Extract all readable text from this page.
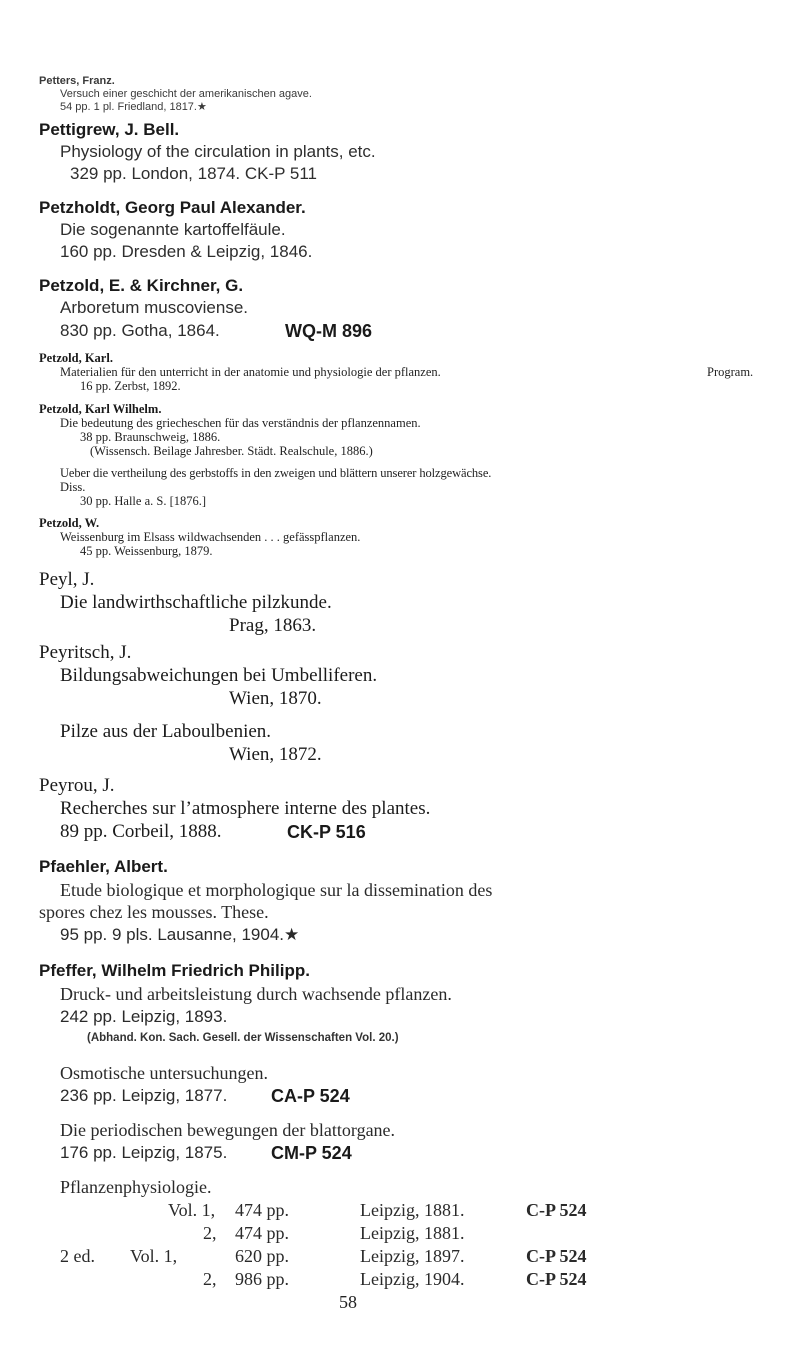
Petters, Franz.
Versuch einer geschicht der amerikanischen agave.
54 pp. 1 pl. Friedland, 1817.★
Pettigrew, J. Bell.
Physiology of the circulation in plants, etc.
329 pp. London, 1874. CK-P 511
Petzholdt, Georg Paul Alexander.
Die sogenannte kartoffelfäule.
160 pp. Dresden & Leipzig, 1846.
Petzold, E. & Kirchner, G.
Arboretum muscoviense.
830 pp. Gotha, 1864.	WQ-M 896
Petzold, Karl.
Materialien für den unterricht in der anatomie und physiologie der pflanzen.	Program.
16 pp. Zerbst, 1892.
Petzold, Karl Wilhelm.
Die bedeutung des griecheschen für das verständnis der pflanzennamen.
38 pp. Braunschweig, 1886.
(Wissensch. Beilage Jahresber. Städt. Realschule, 1886.)
Ueber die vertheilung des gerbstoffs in den zweigen und blättern unserer holzgewächse.
Diss.
30 pp. Halle a. S. [1876.]
Petzold, W.
Weissenburg im Elsass wildwachsenden . . . gefässpflanzen.
45 pp. Weissenburg, 1879.
Peyl, J.
Die landwirthschaftliche pilzkunde.
Prag, 1863.
Peyritsch, J.
Bildungsabweichungen bei Umbelliferen.
Wien, 1870.
Pilze aus der Laboulbenien.
Wien, 1872.
Peyrou, J.
Recherches sur l’atmosphere interne des plantes.
89 pp. Corbeil, 1888.	CK-P 516
Pfaehler, Albert.
Etude biologique et morphologique sur la dissemination des
spores chez les mousses. These.
95 pp. 9 pls. Lausanne, 1904.★
Pfeffer, Wilhelm Friedrich Philipp.
Druck- und arbeitsleistung durch wachsende pflanzen.
242 pp. Leipzig, 1893.
(Abhand. Kon. Sach. Gesell. der Wissenschaften Vol. 20.)
Osmotische untersuchungen.
236 pp. Leipzig, 1877. CA-P 524
Die periodischen bewegungen der blattorgane.
176 pp. Leipzig, 1875. CM-P 524
Pflanzenphysiologie.
Vol. 1, 474 pp.	Leipzig, 1881.	C-P 524
2, 474 pp.	Leipzig, 1881.
2 ed. Vol. 1,	620 pp.	Leipzig, 1897.	C-P 524
2, 986 pp.	Leipzig, 1904.	C-P 524
58
